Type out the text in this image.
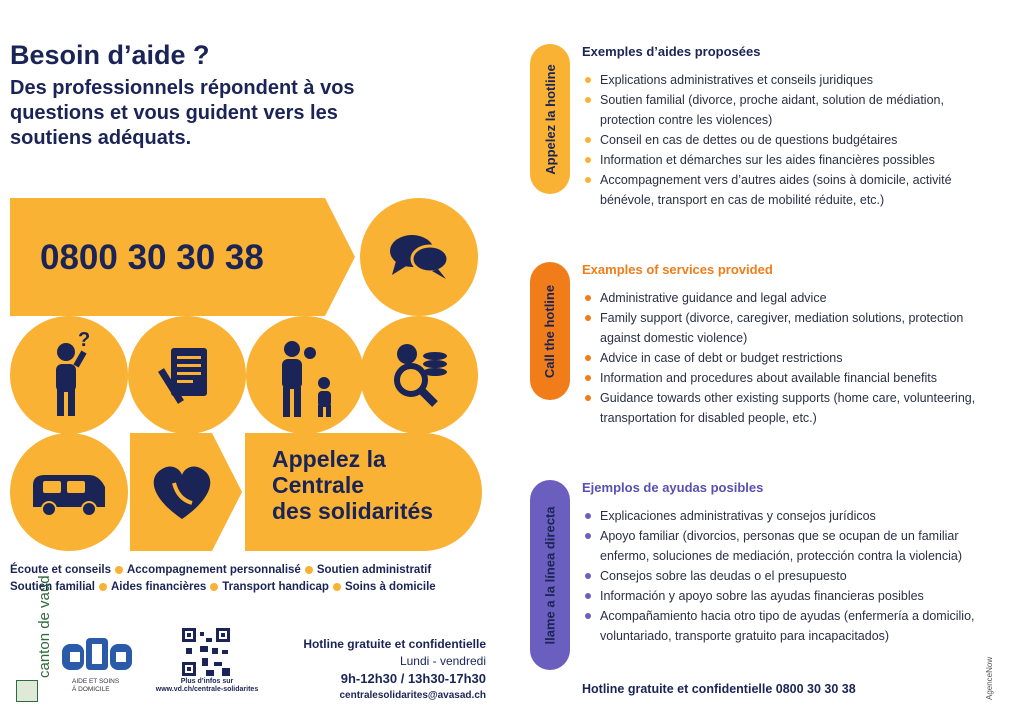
Besoin d’aide ?
Des professionnels répondent à vos questions et vous guident vers les soutiens adéquats.
0800 30 30 38
?
Appelez la
Centrale
des solidarités
Écoute et conseils Accompagnement personnalisé Soutien administratif
Soutien familial Aides financières Transport handicap Soins à domicile
canton de vaud
AIDE ET SOINS À DOMICILE
Plus d’infos sur
www.vd.ch/centrale-solidarites
Hotline gratuite et confidentielle
Lundi - vendredi
9h-12h30 / 13h30-17h30
centralesolidarites@avasad.ch
Appelez la hotline
Exemples d’aides proposées
Explications administratives et conseils juridiques
Soutien familial (divorce, proche aidant, solution de médiation, protection contre les violences)
Conseil en cas de dettes ou de questions budgétaires
Information et démarches sur les aides financières possibles
Accompagnement vers d’autres aides (soins à domicile, activité bénévole, transport en cas de mobilité réduite, etc.)
Call the hotline
Examples of services provided
Administrative guidance and legal advice
Family support (divorce, caregiver, mediation solutions, protection against domestic violence)
Advice in case of debt or budget restrictions
Information and procedures about available financial benefits
Guidance towards other existing supports (home care, volunteering, transportation for disabled people, etc.)
llame a la línea directa
Ejemplos de ayudas posibles
Explicaciones administrativas y consejos jurídicos
Apoyo familiar (divorcios, personas que se ocupan de un familiar enfermo, soluciones de mediación, protección contra la violencia)
Consejos sobre las deudas o el presupuesto
Información y apoyo sobre las ayudas financieras posibles
Acompañamiento hacia otro tipo de ayudas (enfermería a domicilio, voluntariado, transporte gratuito para incapacitados)
Hotline gratuite et confidentielle 0800 30 30 38	AgenceNow
